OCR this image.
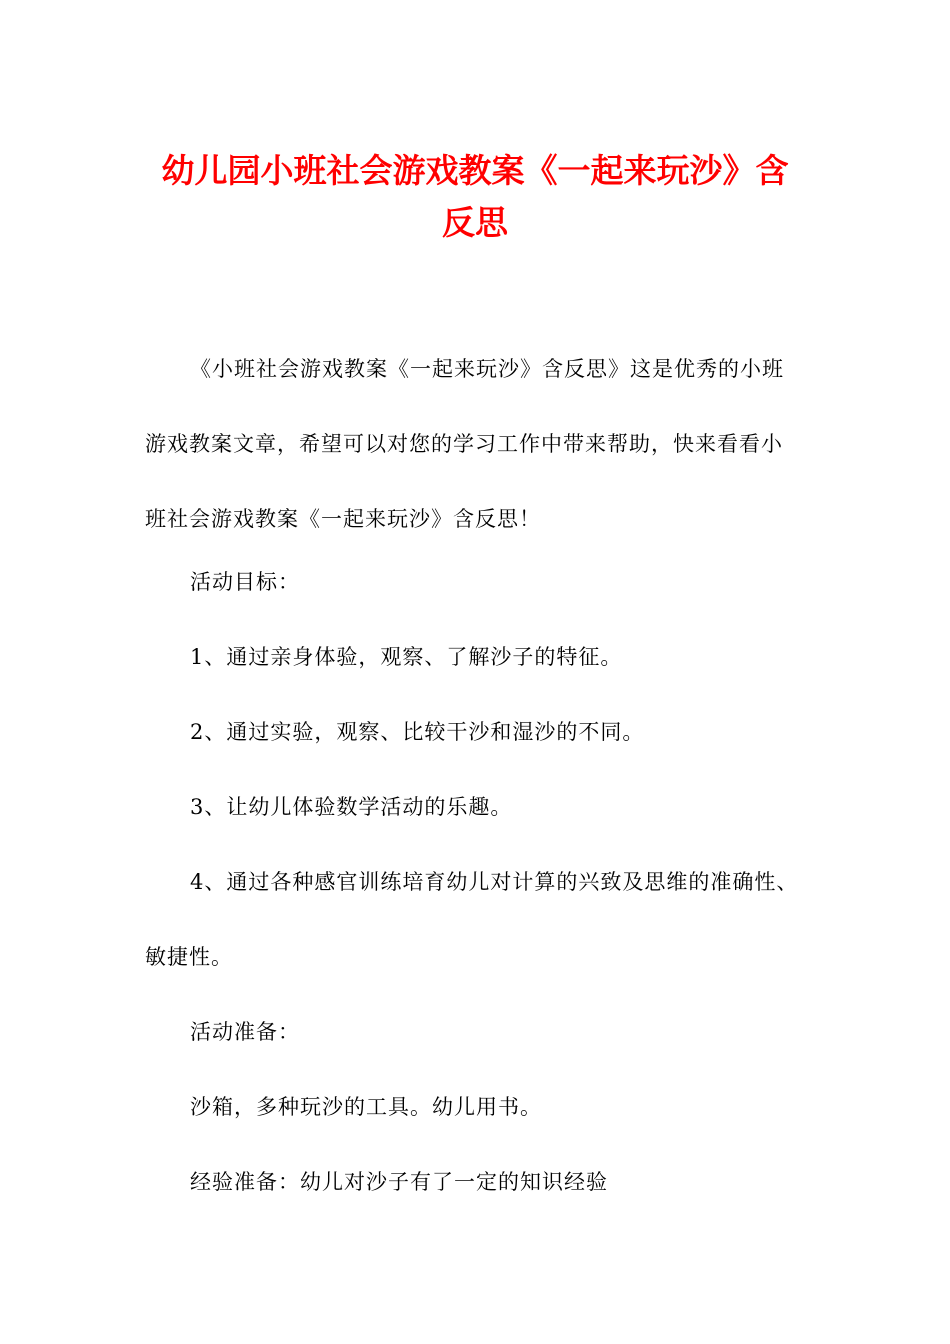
幼儿园小班社会游戏教案《一起来玩沙》含反思

《小班社会游戏教案《一起来玩沙》含反思》这是优秀的小班游戏教案文章，希望可以对您的学习工作中带来帮助，快来看看小班社会游戏教案《一起来玩沙》含反思！

活动目标：

1、通过亲身体验，观察、了解沙子的特征。

2、通过实验，观察、比较干沙和湿沙的不同。

3、让幼儿体验数学活动的乐趣。

4、通过各种感官训练培育幼儿对计算的兴致及思维的准确性、敏捷性。

活动准备：

沙箱，多种玩沙的工具。幼儿用书。

经验准备：幼儿对沙子有了一定的知识经验
